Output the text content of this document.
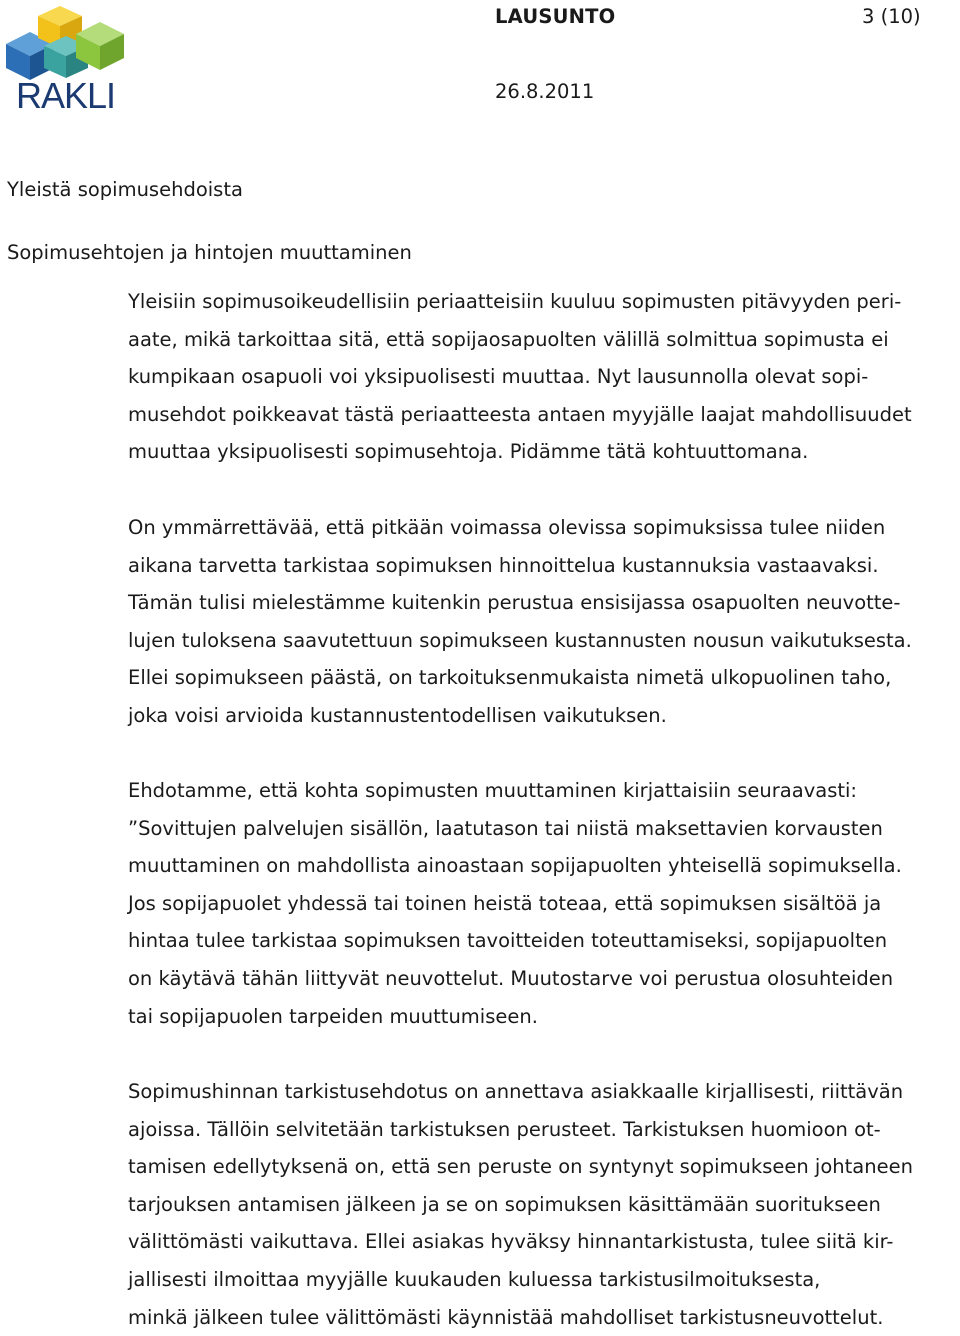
RAKLI
LAUSUNTO	3 (10)
26.8.2011
Yleistä sopimusehdoista
Sopimusehtojen ja hintojen muuttaminen
Yleisiin sopimusoikeudellisiin periaatteisiin kuuluu sopimusten pitävyyden peri-
aate, mikä tarkoittaa sitä, että sopijaosapuolten välillä solmittua sopimusta ei
kumpikaan osapuoli voi yksipuolisesti muuttaa. Nyt lausunnolla olevat sopi-
musehdot poikkeavat tästä periaatteesta antaen myyjälle laajat mahdollisuudet
muuttaa yksipuolisesti sopimusehtoja. Pidämme tätä kohtuuttomana.
On ymmärrettävää, että pitkään voimassa olevissa sopimuksissa tulee niiden
aikana tarvetta tarkistaa sopimuksen hinnoittelua kustannuksia vastaavaksi.
Tämän tulisi mielestämme kuitenkin perustua ensisijassa osapuolten neuvotte-
lujen tuloksena saavutettuun sopimukseen kustannusten nousun vaikutuksesta.
Ellei sopimukseen päästä, on tarkoituksenmukaista nimetä ulkopuolinen taho,
joka voisi arvioida kustannustentodellisen vaikutuksen.
Ehdotamme, että kohta sopimusten muuttaminen kirjattaisiin seuraavasti:
”Sovittujen palvelujen sisällön, laatutason tai niistä maksettavien korvausten
muuttaminen on mahdollista ainoastaan sopijapuolten yhteisellä sopimuksella.
Jos sopijapuolet yhdessä tai toinen heistä toteaa, että sopimuksen sisältöä ja
hintaa tulee tarkistaa sopimuksen tavoitteiden toteuttamiseksi, sopijapuolten
on käytävä tähän liittyvät neuvottelut. Muutostarve voi perustua olosuhteiden
tai sopijapuolen tarpeiden muuttumiseen.
Sopimushinnan tarkistusehdotus on annettava asiakkaalle kirjallisesti, riittävän
ajoissa. Tällöin selvitetään tarkistuksen perusteet. Tarkistuksen huomioon ot-
tamisen edellytyksenä on, että sen peruste on syntynyt sopimukseen johtaneen
tarjouksen antamisen jälkeen ja se on sopimuksen käsittämään suoritukseen
välittömästi vaikuttava. Ellei asiakas hyväksy hinnantarkistusta, tulee siitä kir-
jallisesti ilmoittaa myyjälle kuukauden kuluessa tarkistusilmoituksesta,
minkä jälkeen tulee välittömästi käynnistää mahdolliset tarkistusneuvottelut.
